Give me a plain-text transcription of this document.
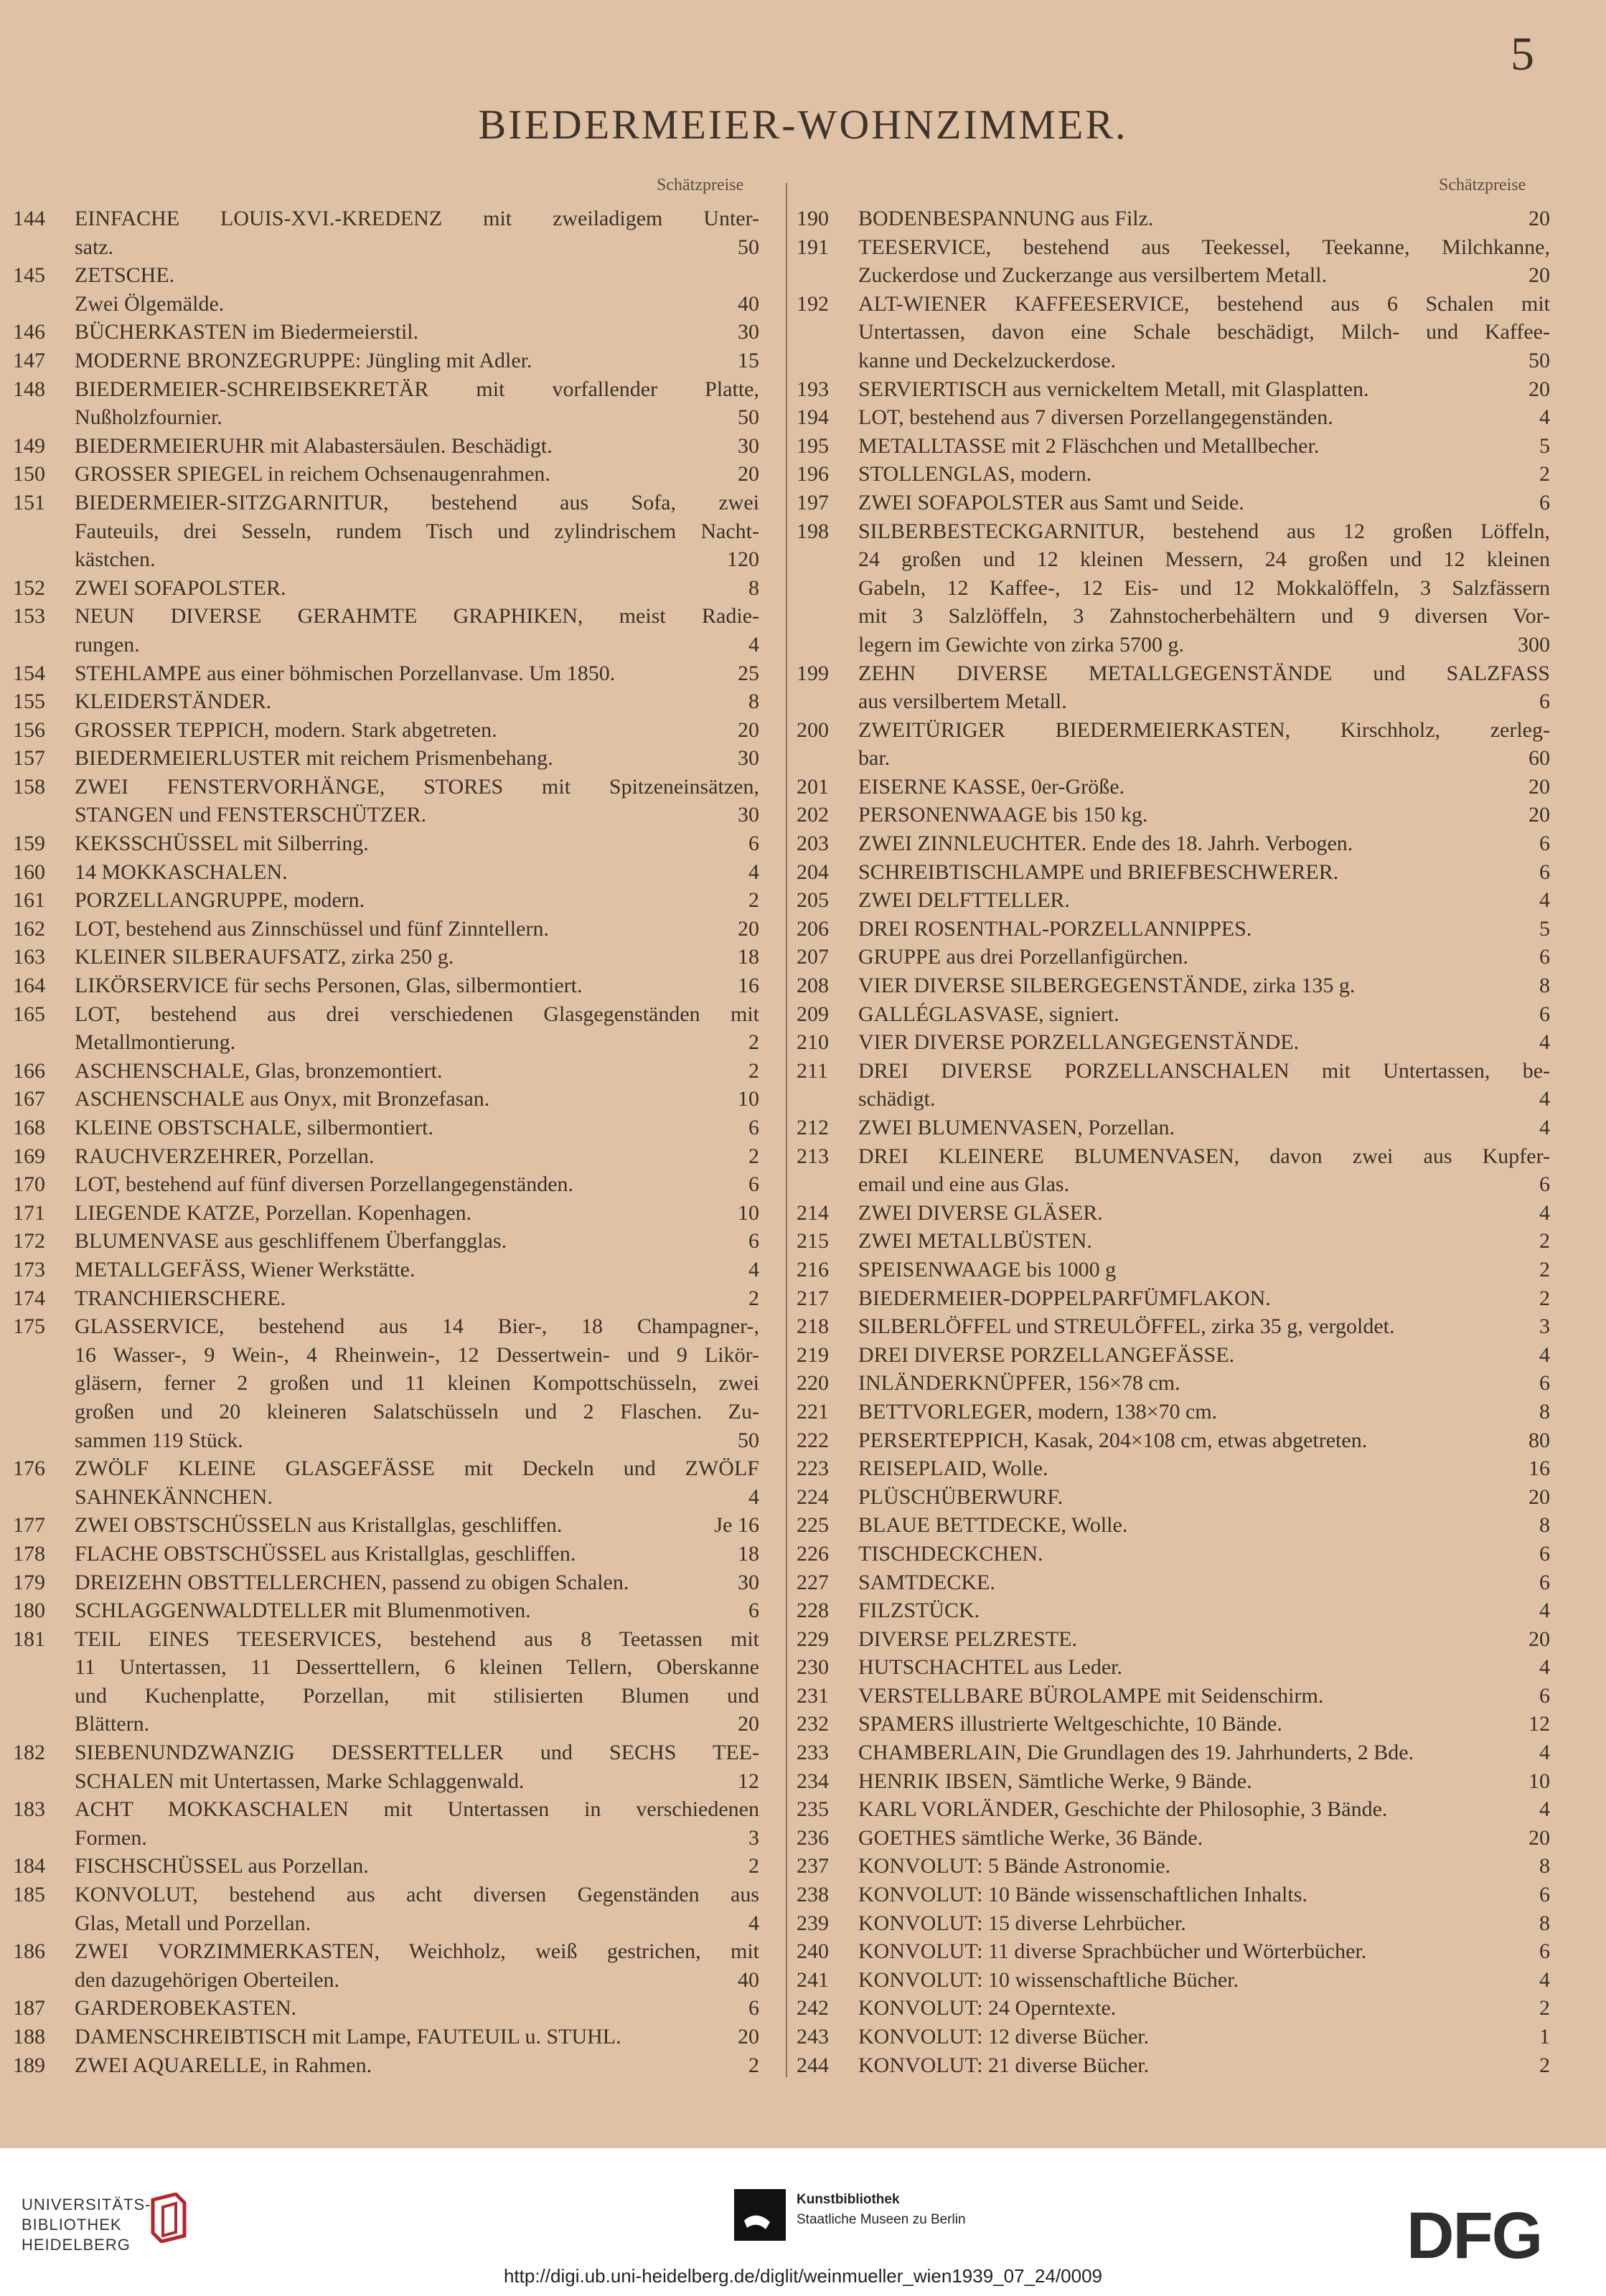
5
BIEDERMEIER-WOHNZIMMER.
Schätzpreise	Schätzpreise
144	EINFACHE LOUIS-XVI.-KREDENZ mit zweiladigem Unter-
satz.	50
145	ZETSCHE.
Zwei Ölgemälde.	40
146	BÜCHERKASTEN im Biedermeierstil.	30
147	MODERNE BRONZEGRUPPE: Jüngling mit Adler.	15
148	BIEDERMEIER-SCHREIBSEKRETÄR mit vorfallender Platte,
Nußholzfournier.	50
149	BIEDERMEIERUHR mit Alabastersäulen. Beschädigt.	30
150	GROSSER SPIEGEL in reichem Ochsenaugenrahmen.	20
151	BIEDERMEIER-SITZGARNITUR, bestehend aus Sofa, zwei
Fauteuils, drei Sesseln, rundem Tisch und zylindrischem Nacht-
kästchen.	120
152	ZWEI SOFAPOLSTER.	8
153	NEUN DIVERSE GERAHMTE GRAPHIKEN, meist Radie-
rungen.	4
154	STEHLAMPE aus einer böhmischen Porzellanvase. Um 1850.	25
155	KLEIDERSTÄNDER.	8
156	GROSSER TEPPICH, modern. Stark abgetreten.	20
157	BIEDERMEIERLUSTER mit reichem Prismenbehang.	30
158	ZWEI FENSTERVORHÄNGE, STORES mit Spitzeneinsätzen,
STANGEN und FENSTERSCHÜTZER.	30
159	KEKSSCHÜSSEL mit Silberring.	6
160	14 MOKKASCHALEN.	4
161	PORZELLANGRUPPE, modern.	2
162	LOT, bestehend aus Zinnschüssel und fünf Zinntellern.	20
163	KLEINER SILBERAUFSATZ, zirka 250 g.	18
164	LIKÖRSERVICE für sechs Personen, Glas, silbermontiert.	16
165	LOT, bestehend aus drei verschiedenen Glasgegenständen mit
Metallmontierung.	2
166	ASCHENSCHALE, Glas, bronzemontiert.	2
167	ASCHENSCHALE aus Onyx, mit Bronzefasan.	10
168	KLEINE OBSTSCHALE, silbermontiert.	6
169	RAUCHVERZEHRER, Porzellan.	2
170	LOT, bestehend auf fünf diversen Porzellangegenständen.	6
171	LIEGENDE KATZE, Porzellan. Kopenhagen.	10
172	BLUMENVASE aus geschliffenem Überfangglas.	6
173	METALLGEFÄSS, Wiener Werkstätte.	4
174	TRANCHIERSCHERE.	2
175	GLASSERVICE, bestehend aus 14 Bier-, 18 Champagner-,
16 Wasser-, 9 Wein-, 4 Rheinwein-, 12 Dessertwein- und 9 Likör-
gläsern, ferner 2 großen und 11 kleinen Kompottschüsseln, zwei
großen und 20 kleineren Salatschüsseln und 2 Flaschen. Zu-
sammen 119 Stück.	50
176	ZWÖLF KLEINE GLASGEFÄSSE mit Deckeln und ZWÖLF
SAHNEKÄNNCHEN.	4
177	ZWEI OBSTSCHÜSSELN aus Kristallglas, geschliffen.	Je 16
178	FLACHE OBSTSCHÜSSEL aus Kristallglas, geschliffen.	18
179	DREIZEHN OBSTTELLERCHEN, passend zu obigen Schalen.	30
180	SCHLAGGENWALDTELLER mit Blumenmotiven.	6
181	TEIL EINES TEESERVICES, bestehend aus 8 Teetassen mit
11 Untertassen, 11 Desserttellern, 6 kleinen Tellern, Oberskanne
und Kuchenplatte, Porzellan, mit stilisierten Blumen und
Blättern.	20
182	SIEBENUNDZWANZIG DESSERTTELLER und SECHS TEE-
SCHALEN mit Untertassen, Marke Schlaggenwald.	12
183	ACHT MOKKASCHALEN mit Untertassen in verschiedenen
Formen.	3
184	FISCHSCHÜSSEL aus Porzellan.	2
185	KONVOLUT, bestehend aus acht diversen Gegenständen aus
Glas, Metall und Porzellan.	4
186	ZWEI VORZIMMERKASTEN, Weichholz, weiß gestrichen, mit
den dazugehörigen Oberteilen.	40
187	GARDEROBEKASTEN.	6
188	DAMENSCHREIBTISCH mit Lampe, FAUTEUIL u. STUHL.	20
189	ZWEI AQUARELLE, in Rahmen.	2
190	BODENBESPANNUNG aus Filz.	20
191	TEESERVICE, bestehend aus Teekessel, Teekanne, Milchkanne,
Zuckerdose und Zuckerzange aus versilbertem Metall.	20
192	ALT-WIENER KAFFEESERVICE, bestehend aus 6 Schalen mit
Untertassen, davon eine Schale beschädigt, Milch- und Kaffee-
kanne und Deckelzuckerdose.	50
193	SERVIERTISCH aus vernickeltem Metall, mit Glasplatten.	20
194	LOT, bestehend aus 7 diversen Porzellangegenständen.	4
195	METALLTASSE mit 2 Fläschchen und Metallbecher.	5
196	STOLLENGLAS, modern.	2
197	ZWEI SOFAPOLSTER aus Samt und Seide.	6
198	SILBERBESTECKGARNITUR, bestehend aus 12 großen Löffeln,
24 großen und 12 kleinen Messern, 24 großen und 12 kleinen
Gabeln, 12 Kaffee-, 12 Eis- und 12 Mokkalöffeln, 3 Salzfässern
mit 3 Salzlöffeln, 3 Zahnstocherbehältern und 9 diversen Vor-
legern im Gewichte von zirka 5700 g.	300
199	ZEHN DIVERSE METALLGEGENSTÄNDE und SALZFASS
aus versilbertem Metall.	6
200	ZWEITÜRIGER BIEDERMEIERKASTEN, Kirschholz, zerleg-
bar.	60
201	EISERNE KASSE, 0er-Größe.	20
202	PERSONENWAAGE bis 150 kg.	20
203	ZWEI ZINNLEUCHTER. Ende des 18. Jahrh. Verbogen.	6
204	SCHREIBTISCHLAMPE und BRIEFBESCHWERER.	6
205	ZWEI DELFTTELLER.	4
206	DREI ROSENTHAL-PORZELLANNIPPES.	5
207	GRUPPE aus drei Porzellanfigürchen.	6
208	VIER DIVERSE SILBERGEGENSTÄNDE, zirka 135 g.	8
209	GALLÉGLASVASE, signiert.	6
210	VIER DIVERSE PORZELLANGEGENSTÄNDE.	4
211	DREI DIVERSE PORZELLANSCHALEN mit Untertassen, be-
schädigt.	4
212	ZWEI BLUMENVASEN, Porzellan.	4
213	DREI KLEINERE BLUMENVASEN, davon zwei aus Kupfer-
email und eine aus Glas.	6
214	ZWEI DIVERSE GLÄSER.	4
215	ZWEI METALLBÜSTEN.	2
216	SPEISENWAAGE bis 1000 g	2
217	BIEDERMEIER-DOPPELPARFÜMFLAKON.	2
218	SILBERLÖFFEL und STREULÖFFEL, zirka 35 g, vergoldet.	3
219	DREI DIVERSE PORZELLANGEFÄSSE.	4
220	INLÄNDERKNÜPFER, 156×78 cm.	6
221	BETTVORLEGER, modern, 138×70 cm.	8
222	PERSERTEPPICH, Kasak, 204×108 cm, etwas abgetreten.	80
223	REISEPLAID, Wolle.	16
224	PLÜSCHÜBERWURF.	20
225	BLAUE BETTDECKE, Wolle.	8
226	TISCHDECKCHEN.	6
227	SAMTDECKE.	6
228	FILZSTÜCK.	4
229	DIVERSE PELZRESTE.	20
230	HUTSCHACHTEL aus Leder.	4
231	VERSTELLBARE BÜROLAMPE mit Seidenschirm.	6
232	SPAMERS illustrierte Weltgeschichte, 10 Bände.	12
233	CHAMBERLAIN, Die Grundlagen des 19. Jahrhunderts, 2 Bde.	4
234	HENRIK IBSEN, Sämtliche Werke, 9 Bände.	10
235	KARL VORLÄNDER, Geschichte der Philosophie, 3 Bände.	4
236	GOETHES sämtliche Werke, 36 Bände.	20
237	KONVOLUT: 5 Bände Astronomie.	8
238	KONVOLUT: 10 Bände wissenschaftlichen Inhalts.	6
239	KONVOLUT: 15 diverse Lehrbücher.	8
240	KONVOLUT: 11 diverse Sprachbücher und Wörterbücher.	6
241	KONVOLUT: 10 wissenschaftliche Bücher.	4
242	KONVOLUT: 24 Operntexte.	2
243	KONVOLUT: 12 diverse Bücher.	1
244	KONVOLUT: 21 diverse Bücher.	2
UNIVERSITÄTS-
BIBLIOTHEK
HEIDELBERG
Kunstbibliothek
Staatliche Museen zu Berlin	DFG
http://digi.ub.uni-heidelberg.de/diglit/weinmueller_wien1939_07_24/0009
